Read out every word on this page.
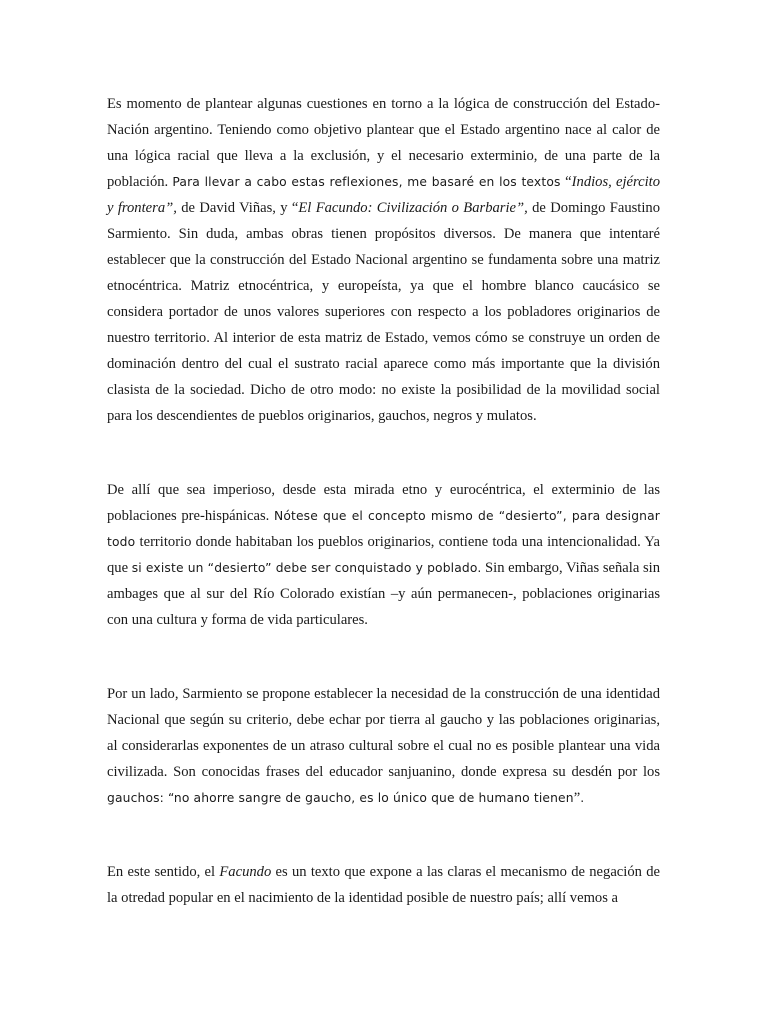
Es momento de plantear algunas cuestiones en torno a la lógica de construcción del Estado-Nación argentino. Teniendo como objetivo plantear que el Estado argentino nace al calor de una lógica racial que lleva a la exclusión, y el necesario exterminio, de una parte de la población. Para llevar a cabo estas reflexiones, me basaré en los textos “Indios, ejército y frontera”, de David Viñas, y “El Facundo: Civilización o Barbarie”, de Domingo Faustino Sarmiento. Sin duda, ambas obras tienen propósitos diversos. De manera que intentaré establecer que la construcción del Estado Nacional argentino se fundamenta sobre una matriz etnocéntrica. Matriz etnocéntrica, y europeísta, ya que el hombre blanco caucásico se considera portador de unos valores superiores con respecto a los pobladores originarios de nuestro territorio. Al interior de esta matriz de Estado, vemos cómo se construye un orden de dominación dentro del cual el sustrato racial aparece como más importante que la división clasista de la sociedad. Dicho de otro modo: no existe la posibilidad de la movilidad social para los descendientes de pueblos originarios, gauchos, negros y mulatos.

De allí que sea imperioso, desde esta mirada etno y eurocéntrica, el exterminio de las poblaciones pre-hispánicas. Nótese que el concepto mismo de “desierto”, para designar todo territorio donde habitaban los pueblos originarios, contiene toda una intencionalidad. Ya que si existe un “desierto” debe ser conquistado y poblado. Sin embargo, Viñas señala sin ambages que al sur del Río Colorado existían –y aún permanecen-, poblaciones originarias con una cultura y forma de vida particulares.

Por un lado, Sarmiento se propone establecer la necesidad de la construcción de una identidad Nacional que según su criterio, debe echar por tierra al gaucho y las poblaciones originarias, al considerarlas exponentes de un atraso cultural sobre el cual no es posible plantear una vida civilizada. Son conocidas frases del educador sanjuanino, donde expresa su desdén por los gauchos: “no ahorre sangre de gaucho, es lo único que de humano tienen”.

En este sentido, el Facundo es un texto que expone a las claras el mecanismo de negación de la otredad popular en el nacimiento de la identidad posible de nuestro país; allí vemos a
